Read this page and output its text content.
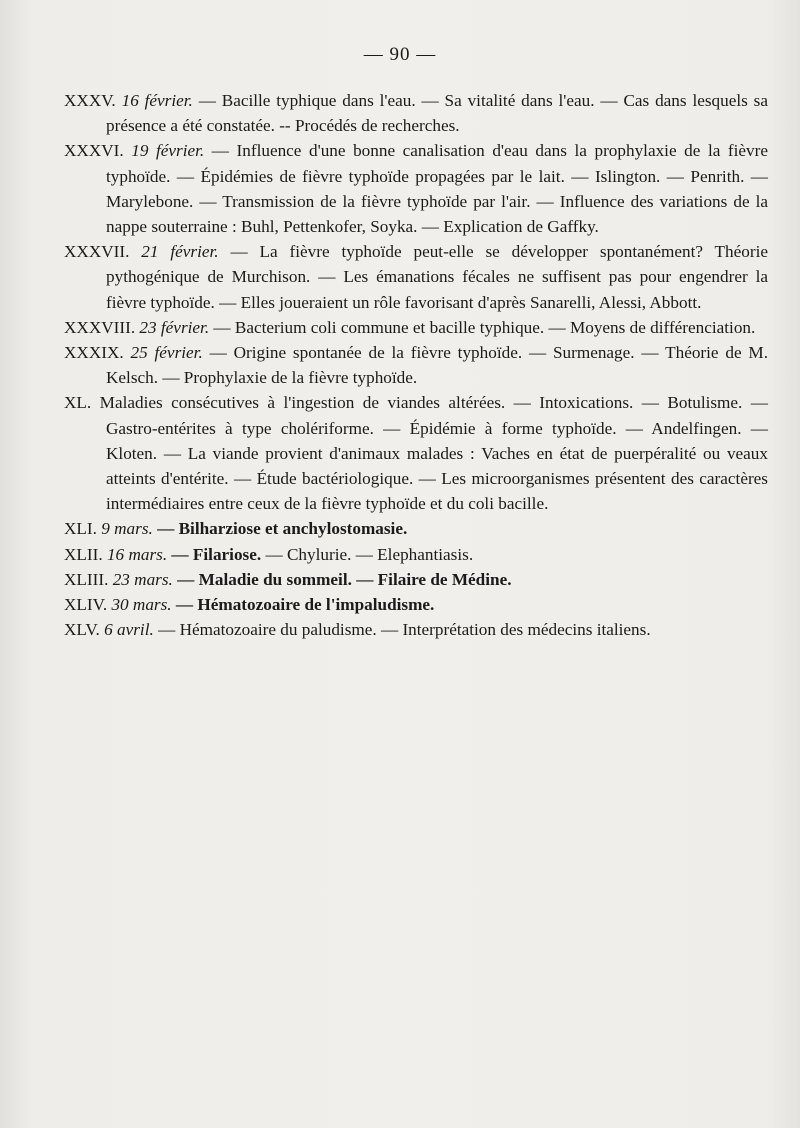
— 90 —

XXXV. 16 février. — Bacille typhique dans l'eau. — Sa vitalité dans l'eau. — Cas dans lesquels sa présence a été constatée. -- Procédés de recherches.

XXXVI. 19 février. — Influence d'une bonne canalisation d'eau dans la prophylaxie de la fièvre typhoïde. — Épidémies de fièvre typhoïde propagées par le lait. — Islington. — Penrith. — Marylebone. — Transmission de la fièvre typhoïde par l'air. — Influence des variations de la nappe souterraine : Buhl, Pettenkofer, Soyka. — Explication de Gaffky.

XXXVII. 21 février. — La fièvre typhoïde peut-elle se développer spontanément? Théorie pythogénique de Murchison. — Les émanations fécales ne suffisent pas pour engendrer la fièvre typhoïde. — Elles joueraient un rôle favorisant d'après Sanarelli, Alessi, Abbott.

XXXVIII. 23 février. — Bacterium coli commune et bacille typhique. — Moyens de différenciation.

XXXIX. 25 février. — Origine spontanée de la fièvre typhoïde. — Surmenage. — Théorie de M. Kelsch. — Prophylaxie de la fièvre typhoïde.

XL. Maladies consécutives à l'ingestion de viandes altérées. — Intoxications. — Botulisme. — Gastro-entérites à type cholériforme. — Épidémie à forme typhoïde. — Andelfingen. — Kloten. — La viande provient d'animaux malades : Vaches en état de puerpéralité ou veaux atteints d'entérite. — Étude bactériologique. — Les microorganismes présentent des caractères intermédiaires entre ceux de la fièvre typhoïde et du coli bacille.

XLI. 9 mars. — Bilharziose et anchylostomasie.

XLII. 16 mars. — Filariose. — Chylurie. — Elephantiasis.

XLIII. 23 mars. — Maladie du sommeil. — Filaire de Médine.

XLIV. 30 mars. — Hématozoaire de l'impaludisme.

XLV. 6 avril. — Hématozoaire du paludisme. — Interprétation des médecins italiens.
